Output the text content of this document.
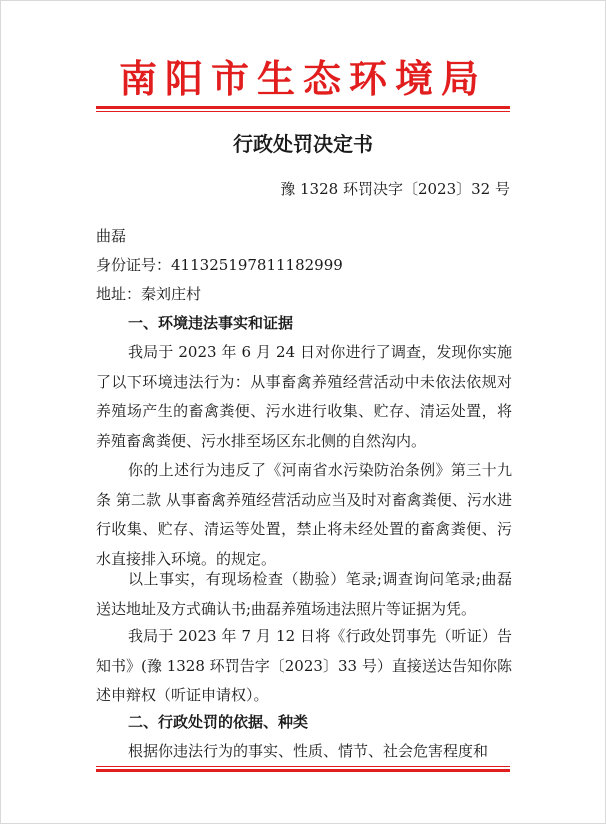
南阳市生态环境局
行政处罚决定书
豫 1328 环罚决字〔2023〕32 号
曲磊
身份证号：411325197811182999
地址：秦刘庄村
一、环境违法事实和证据

我局于 2023 年 6 月 24 日对你进行了调查，发现你实施了以下环境违法行为：从事畜禽养殖经营活动中未依法依规对养殖场产生的畜禽粪便、污水进行收集、贮存、清运处置，将养殖畜禽粪便、污水排至场区东北侧的自然沟内。

你的上述行为违反了《河南省水污染防治条例》第三十九条 第二款 从事畜禽养殖经营活动应当及时对畜禽粪便、污水进行收集、贮存、清运等处置，禁止将未经处置的畜禽粪便、污水直接排入环境。的规定。

以上事实，有现场检查（勘验）笔录;调查询问笔录;曲磊送达地址及方式确认书;曲磊养殖场违法照片等证据为凭。

我局于 2023 年 7 月 12 日将《行政处罚事先（听证）告知书》(豫 1328 环罚告字〔2023〕33 号）直接送达告知你陈述申辩权（听证申请权）。

二、行政处罚的依据、种类

根据你违法行为的事实、性质、情节、社会危害程度和
